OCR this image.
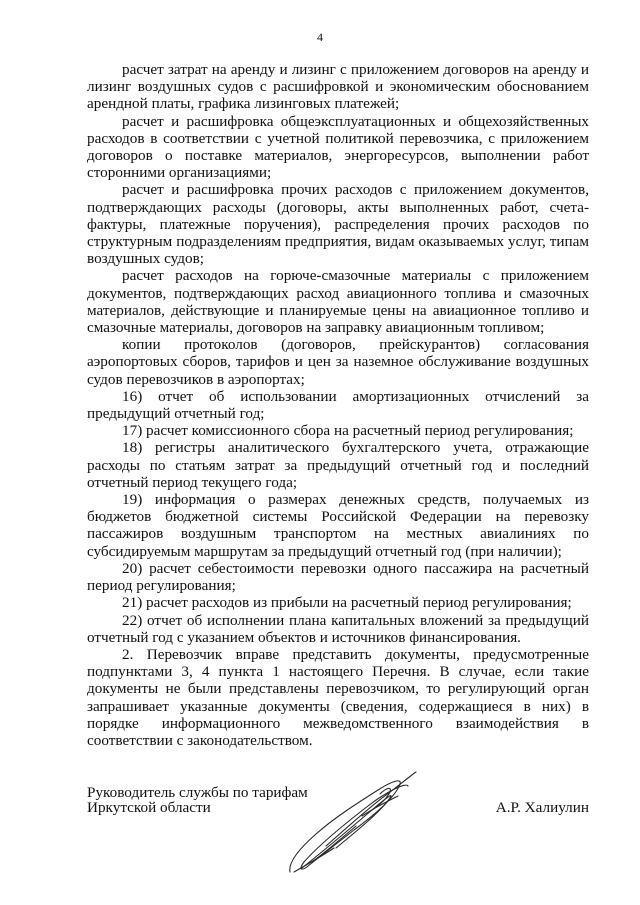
4

расчет затрат на аренду и лизинг с приложением договоров на аренду и лизинг воздушных судов с расшифровкой и экономическим обоснованием арендной платы, графика лизинговых платежей;

расчет и расшифровка общеэксплуатационных и общехозяйственных расходов в соответствии с учетной политикой перевозчика, с приложением договоров о поставке материалов, энергоресурсов, выполнении работ сторонними организациями;

расчет и расшифровка прочих расходов с приложением документов, подтверждающих расходы (договоры, акты выполненных работ, счета-фактуры, платежные поручения), распределения прочих расходов по структурным подразделениям предприятия, видам оказываемых услуг, типам воздушных судов;

расчет расходов на горюче-смазочные материалы с приложением документов, подтверждающих расход авиационного топлива и смазочных материалов, действующие и планируемые цены на авиационное топливо и смазочные материалы, договоров на заправку авиационным топливом;

копии протоколов (договоров, прейскурантов) согласования аэропортовых сборов, тарифов и цен за наземное обслуживание воздушных судов перевозчиков в аэропортах;

16) отчет об использовании амортизационных отчислений за предыдущий отчетный год;

17) расчет комиссионного сбора на расчетный период регулирования;

18) регистры аналитического бухгалтерского учета, отражающие расходы по статьям затрат за предыдущий отчетный год и последний отчетный период текущего года;

19) информация о размерах денежных средств, получаемых из бюджетов бюджетной системы Российской Федерации на перевозку пассажиров воздушным транспортом на местных авиалиниях по субсидируемым маршрутам за предыдущий отчетный год (при наличии);

20) расчет себестоимости перевозки одного пассажира на расчетный период регулирования;

21) расчет расходов из прибыли на расчетный период регулирования;

22) отчет об исполнении плана капитальных вложений за предыдущий отчетный год с указанием объектов и источников финансирования.

2. Перевозчик вправе представить документы, предусмотренные подпунктами 3, 4 пункта 1 настоящего Перечня. В случае, если такие документы не были представлены перевозчиком, то регулирующий орган запрашивает указанные документы (сведения, содержащиеся в них) в порядке информационного межведомственного взаимодействия в соответствии с законодательством.

Руководитель службы по тарифам
Иркутской области	А.Р. Халиулин
